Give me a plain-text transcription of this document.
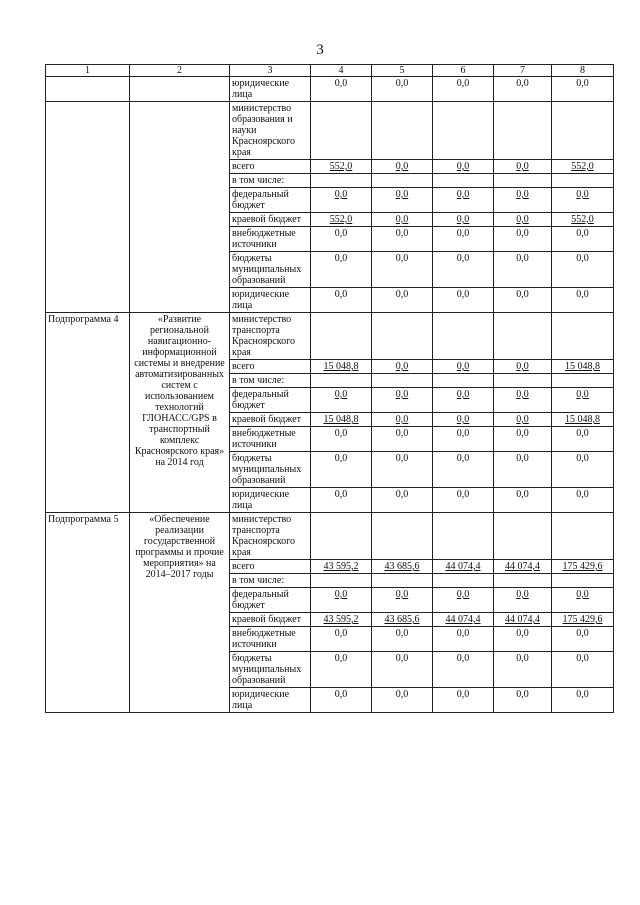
3
1	2	3	4	5	6	7	8
		юридические лица	0,0	0,0	0,0	0,0	0,0
		министерство образования и науки Красноярского края					
		всего	552,0	0,0	0,0	0,0	552,0
		в том числе:					
		федеральный бюджет	0,0	0,0	0,0	0,0	0,0
		краевой бюджет	552,0	0,0	0,0	0,0	552,0
		внебюджетные источники	0,0	0,0	0,0	0,0	0,0
		бюджеты муниципальных образований	0,0	0,0	0,0	0,0	0,0
		юридические лица	0,0	0,0	0,0	0,0	0,0
Подпрограмма 4	«Развитие региональной навигационно-информационной системы и внедрение автоматизированных систем с использованием технологий ГЛОНАСС/GPS в транспортный комплекс Красноярского края» на 2014 год	министерство транспорта Красноярского края					
		всего	15 048,8	0,0	0,0	0,0	15 048,8
		в том числе:					
		федеральный бюджет	0,0	0,0	0,0	0,0	0,0
		краевой бюджет	15 048,8	0,0	0,0	0,0	15 048,8
		внебюджетные источники	0,0	0,0	0,0	0,0	0,0
		бюджеты муниципальных образований	0,0	0,0	0,0	0,0	0,0
		юридические лица	0,0	0,0	0,0	0,0	0,0
Подпрограмма 5	«Обеспечение реализации государственной программы и прочие мероприятия» на 2014–2017 годы	министерство транспорта Красноярского края					
		всего	43 595,2	43 685,6	44 074,4	44 074,4	175 429,6
		в том числе:					
		федеральный бюджет	0,0	0,0	0,0	0,0	0,0
		краевой бюджет	43 595,2	43 685,6	44 074,4	44 074,4	175 429,6
		внебюджетные источники	0,0	0,0	0,0	0,0	0,0
		бюджеты муниципальных образований	0,0	0,0	0,0	0,0	0,0
		юридические лица	0,0	0,0	0,0	0,0	0,0
